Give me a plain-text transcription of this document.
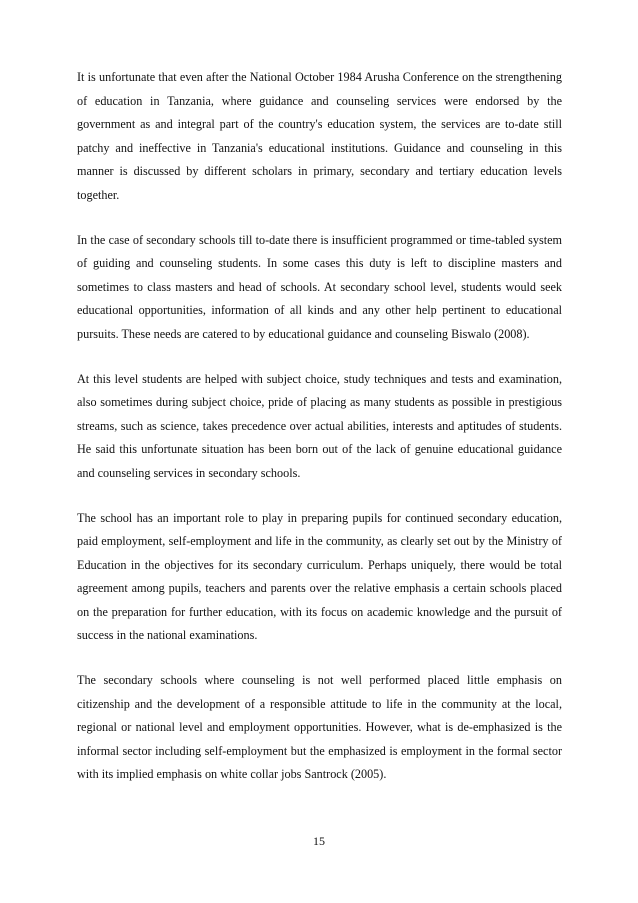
It is unfortunate that even after the National October 1984 Arusha Conference on the strengthening of education in Tanzania, where guidance and counseling services were endorsed by the government as and integral part of the country's education system, the services are to-date still patchy and ineffective in Tanzania's educational institutions. Guidance and counseling in this manner is discussed by different scholars in primary, secondary and tertiary education levels together.

In the case of secondary schools till to-date there is insufficient programmed or time-tabled system of guiding and counseling students. In some cases this duty is left to discipline masters and sometimes to class masters and head of schools. At secondary school level, students would seek educational opportunities, information of all kinds and any other help pertinent to educational pursuits. These needs are catered to by educational guidance and counseling Biswalo (2008).

At this level students are helped with subject choice, study techniques and tests and examination, also sometimes during subject choice, pride of placing as many students as possible in prestigious streams, such as science, takes precedence over actual abilities, interests and aptitudes of students. He said this unfortunate situation has been born out of the lack of genuine educational guidance and counseling services in secondary schools.

The school has an important role to play in preparing pupils for continued secondary education, paid employment, self-employment and life in the community, as clearly set out by the Ministry of Education in the objectives for its secondary curriculum. Perhaps uniquely, there would be total agreement among pupils, teachers and parents over the relative emphasis a certain schools placed on the preparation for further education, with its focus on academic knowledge and the pursuit of success in the national examinations.

The secondary schools where counseling is not well performed placed little emphasis on citizenship and the development of a responsible attitude to life in the community at the local, regional or national level and employment opportunities. However, what is de-emphasized is the informal sector including self-employment but the emphasized is employment in the formal sector with its implied emphasis on white collar jobs Santrock (2005).

15
